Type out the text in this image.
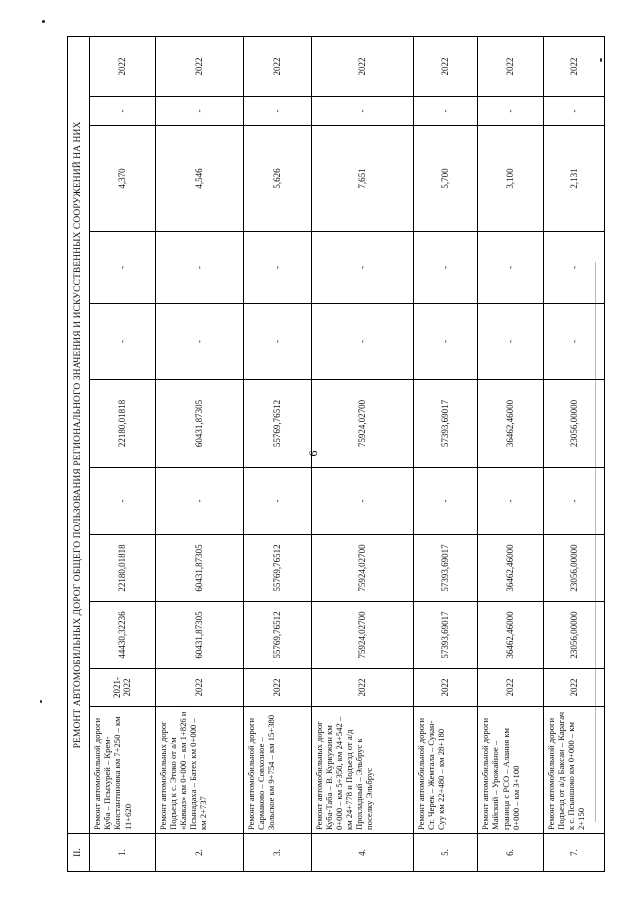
9
II.	РЕМОНТ АВТОМОБИЛЬНЫХ ДОРОГ ОБЩЕГО ПОЛЬЗОВАНИЯ РЕГИОНАЛЬНОГО ЗНАЧЕНИЯ И ИСКУССТВЕННЫХ СООРУЖЕНИЙ НА НИХ										
1.	Ремонт автомобильной дороги Куба – Псыхурей – Крем-Константиновка км 7+250 – км 11+620	2021-2022	44430,32236	22180,01818	-	22180,01818	-	-	4,370	-	2022
2.	Ремонт автомобильных дорог Подъезд к с. Этоко от а/м «Кавказ» км 0+000 – км 1+826 и Псынадаха – Батех км 0+000 – км 2+737	2022	60431,87305	60431,87305	-	60431,87305	-	-	4,546	-	2022
3.	Ремонт автомобильной дороги Сармаково – Совхозное – Зольское км 9+754 – км 15+380	2022	55769,76512	55769,76512	-	55769,76512	-	-	5,626	-	2022
4.	Ремонт автомобильных дорог Куба-Таба – В. Куркужин км 0+000 – км 5+350, км 24+542 – км 24+778 и Подъезд от а/д Прохладный – Эльбрус к поселку Эльбрус	2022	75924,02700	75924,02700	-	75924,02700	-	-	7,651	-	2022
5.	Ремонт автомобильной дороги Ст. Черек – Жемтала – Сукан-Суу км 22+480 – км 28+180	2022	57393,69017	57393,69017	-	57393,69017	-	-	5,700	-	2022
6.	Ремонт автомобильной дороги Майский – Урожайное – граница с РСО – Алания км 0+000 – км 3+100	2022	36462,46000	36462,46000	-	36462,46000	-	-	3,100	-	2022
7.	Ремонт автомобильной дороги Подъезд от а/д Баксан – Карагач к с. Псыншоко км 0+000 – км 2+150	2022	23056,00000	23056,00000	-	23056,00000	-	-	2,131	-	2022
